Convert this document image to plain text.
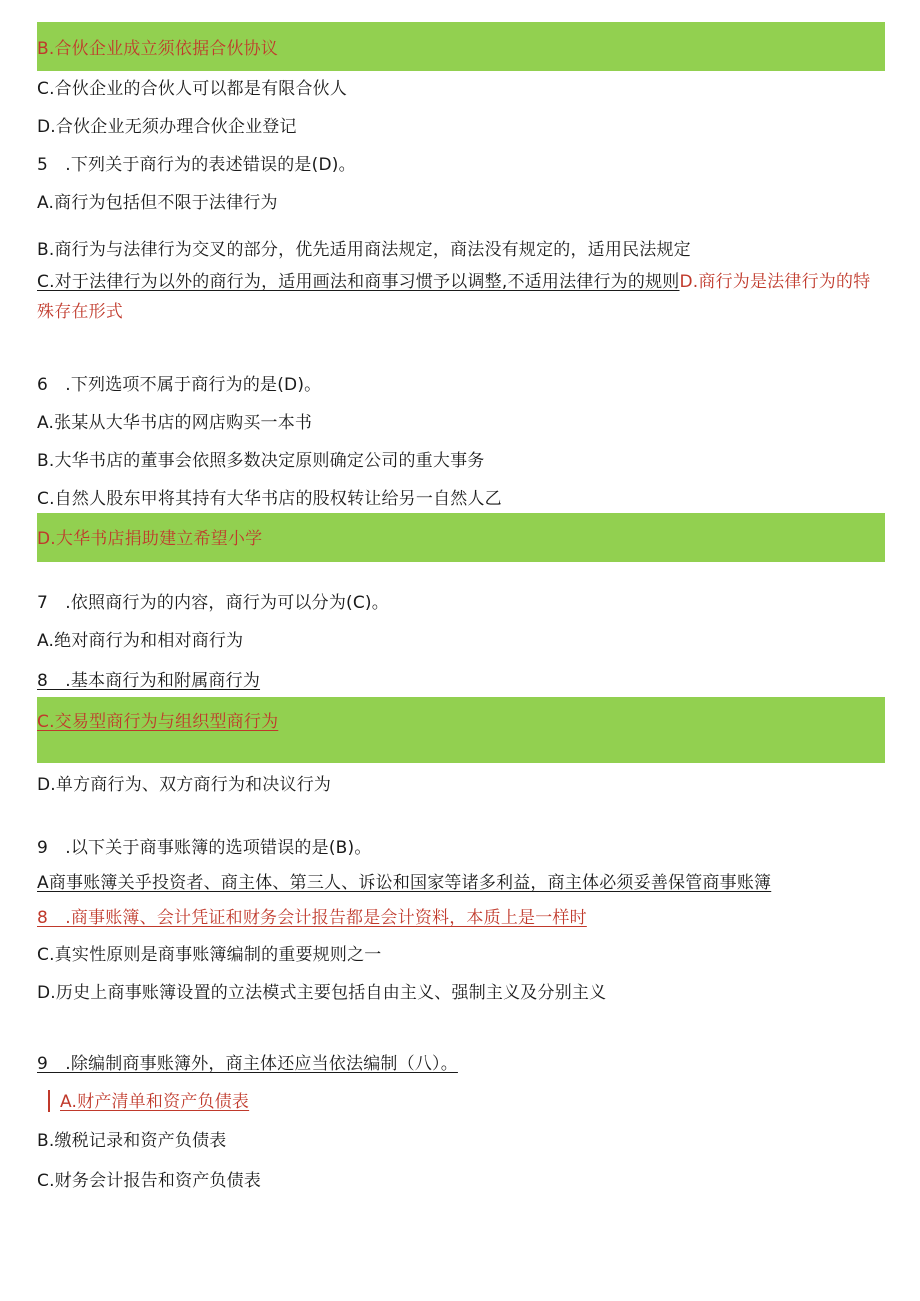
B.合伙企业成立须依据合伙协议
C.合伙企业的合伙人可以都是有限合伙人
D.合伙企业无须办理合伙企业登记
5　.下列关于商行为的表述错误的是(D)。
A.商行为包括但不限于法律行为
B.商行为与法律行为交叉的部分，优先适用商法规定，商法没有规定的，适用民法规定
C.对于法律行为以外的商行为，适用画法和商事习惯予以调整,不适用法律行为的规则D.商行为是法律行为的特殊存在形式
6　.下列选项不属于商行为的是(D)。
A.张某从大华书店的网店购买一本书
B.大华书店的董事会依照多数决定原则确定公司的重大事务
C.自然人股东甲将其持有大华书店的股权转让给另一自然人乙
D.大华书店捐助建立希望小学
7　.依照商行为的内容，商行为可以分为(C)。
A.绝对商行为和相对商行为
8　.基本商行为和附属商行为
C.交易型商行为与组织型商行为
D.单方商行为、双方商行为和决议行为
9　.以下关于商事账簿的选项错误的是(B)。
A商事账簿关乎投资者、商主体、第三人、诉讼和国家等诸多利益，商主体必须妥善保管商事账簿
8　.商事账簿、会计凭证和财务会计报告都是会计资料，本质上是一样时
C.真实性原则是商事账簿编制的重要规则之一
D.历史上商事账簿设置的立法模式主要包括自由主义、强制主义及分别主义
9　.除编制商事账簿外，商主体还应当依法编制（八）。
A.财产清单和资产负债表
B.缴税记录和资产负债表
C.财务会计报告和资产负债表
